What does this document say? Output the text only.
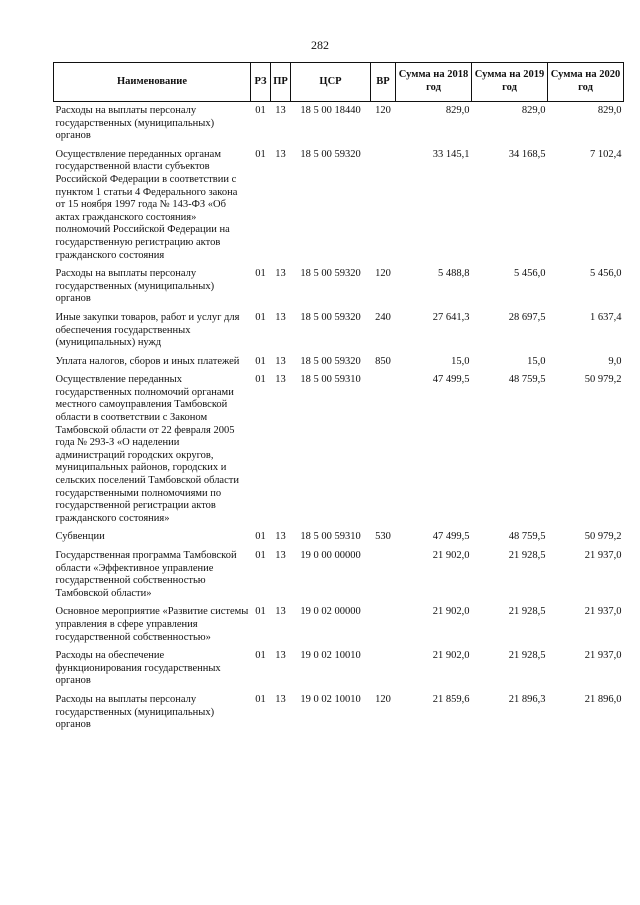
282
Наименование	РЗ	ПР	ЦСР	ВР	Сумма на 2018 год	Сумма на 2019 год	Сумма на 2020 год
Расходы на выплаты персоналу государственных (муниципальных) органов	01	13	18 5 00 18440	120	829,0	829,0	829,0
Осуществление переданных органам государственной власти субъектов Российской Федерации в соответствии с пунктом 1 статьи 4 Федерального закона от 15 ноября 1997 года № 143-ФЗ «Об актах гражданского состояния» полномочий Российской Федерации на государственную регистрацию актов гражданского состояния	01	13	18 5 00 59320		33 145,1	34 168,5	7 102,4
Расходы на выплаты персоналу государственных (муниципальных) органов	01	13	18 5 00 59320	120	5 488,8	5 456,0	5 456,0
Иные закупки товаров, работ и услуг для обеспечения государственных (муниципальных) нужд	01	13	18 5 00 59320	240	27 641,3	28 697,5	1 637,4
Уплата налогов, сборов и иных платежей	01	13	18 5 00 59320	850	15,0	15,0	9,0
Осуществление переданных государственных полномочий органами местного самоуправления Тамбовской области в соответствии с Законом Тамбовской области от 22 февраля 2005 года № 293-З «О наделении администраций городских округов, муниципальных районов, городских и сельских поселений Тамбовской области государственными полномочиями по государственной регистрации актов гражданского состояния»	01	13	18 5 00 59310		47 499,5	48 759,5	50 979,2
Субвенции	01	13	18 5 00 59310	530	47 499,5	48 759,5	50 979,2
Государственная программа Тамбовской области «Эффективное управление государственной собственностью Тамбовской области»	01	13	19 0 00 00000		21 902,0	21 928,5	21 937,0
Основное мероприятие «Развитие системы управления в сфере управления государственной собственностью»	01	13	19 0 02 00000		21 902,0	21 928,5	21 937,0
Расходы на обеспечение функционирования государственных органов	01	13	19 0 02 10010		21 902,0	21 928,5	21 937,0
Расходы на выплаты персоналу государственных (муниципальных) органов	01	13	19 0 02 10010	120	21 859,6	21 896,3	21 896,0
